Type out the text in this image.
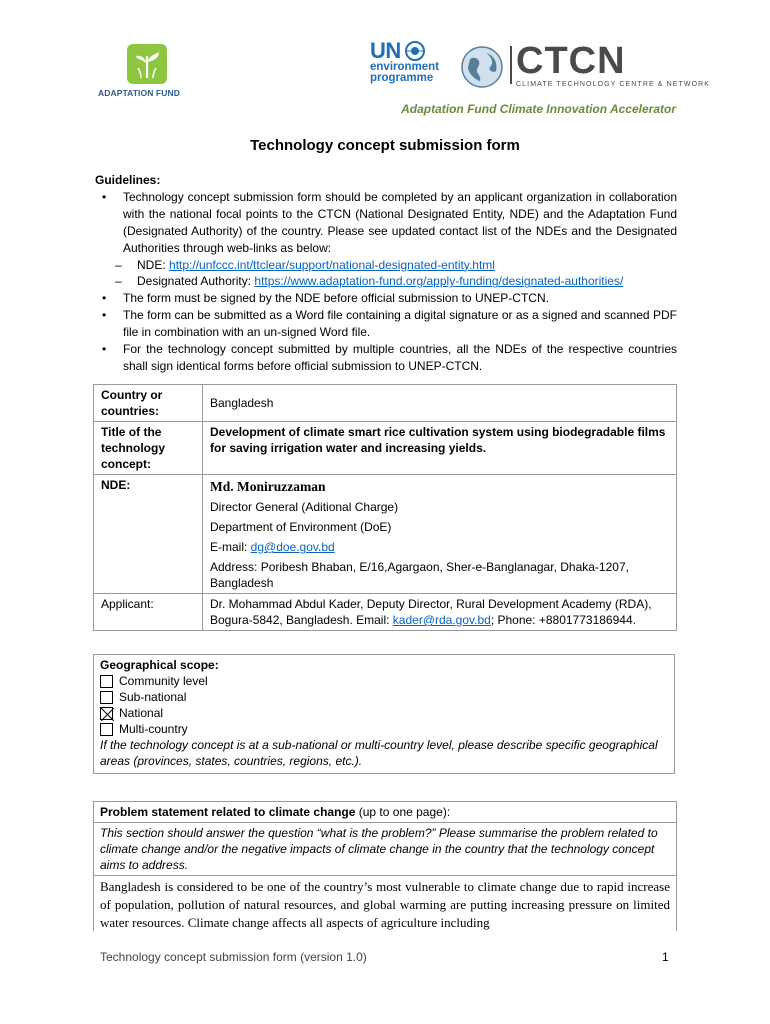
ADAPTATION FUND
UN
environment
programme CTCN
CLIMATE TECHNOLOGY CENTRE & NETWORK
Adaptation Fund Climate Innovation Accelerator
Technology concept submission form
Guidelines:
• Technology concept submission form should be completed by an applicant organization in collaboration with the national focal points to the CTCN (National Designated Entity, NDE) and the Adaptation Fund (Designated Authority) of the country. Please see updated contact list of the NDEs and the Designated Authorities through web-links as below:
– NDE: http://unfccc.int/ttclear/support/national-designated-entity.html
– Designated Authority: https://www.adaptation-fund.org/apply-funding/designated-authorities/
• The form must be signed by the NDE before official submission to UNEP-CTCN.
• The form can be submitted as a Word file containing a digital signature or as a signed and scanned PDF file in combination with an un-signed Word file.
• For the technology concept submitted by multiple countries, all the NDEs of the respective countries shall sign identical forms before official submission to UNEP-CTCN.
Country or countries:	Bangladesh
Title of the technology concept:	Development of climate smart rice cultivation system using biodegradable films for saving irrigation water and increasing yields.
NDE:	Md. Moniruzzaman
Director General (Aditional Charge)
Department of Environment (DoE)
E-mail: dg@doe.gov.bd
Address: Poribesh Bhaban, E/16,Agargaon, Sher-e-Banglanagar, Dhaka-1207, Bangladesh

Applicant:	Dr. Mohammad Abdul Kader, Deputy Director, Rural Development Academy (RDA), Bogura-5842, Bangladesh. Email: kader@rda.gov.bd; Phone: +8801773186944.
Geographical scope:
Community level
Sub-national
National
Multi-country
If the technology concept is at a sub-national or multi-country level, please describe specific geographical areas (provinces, states, countries, regions, etc.).
Problem statement related to climate change (up to one page):
This section should answer the question “what is the problem?” Please summarise the problem related to climate change and/or the negative impacts of climate change in the country that the technology concept aims to address.
Bangladesh is considered to be one of the country’s most vulnerable to climate change due to rapid increase of population, pollution of natural resources, and global warming are putting increasing pressure on limited water resources. Climate change affects all aspects of agriculture including
Technology concept submission form (version 1.0)	1
